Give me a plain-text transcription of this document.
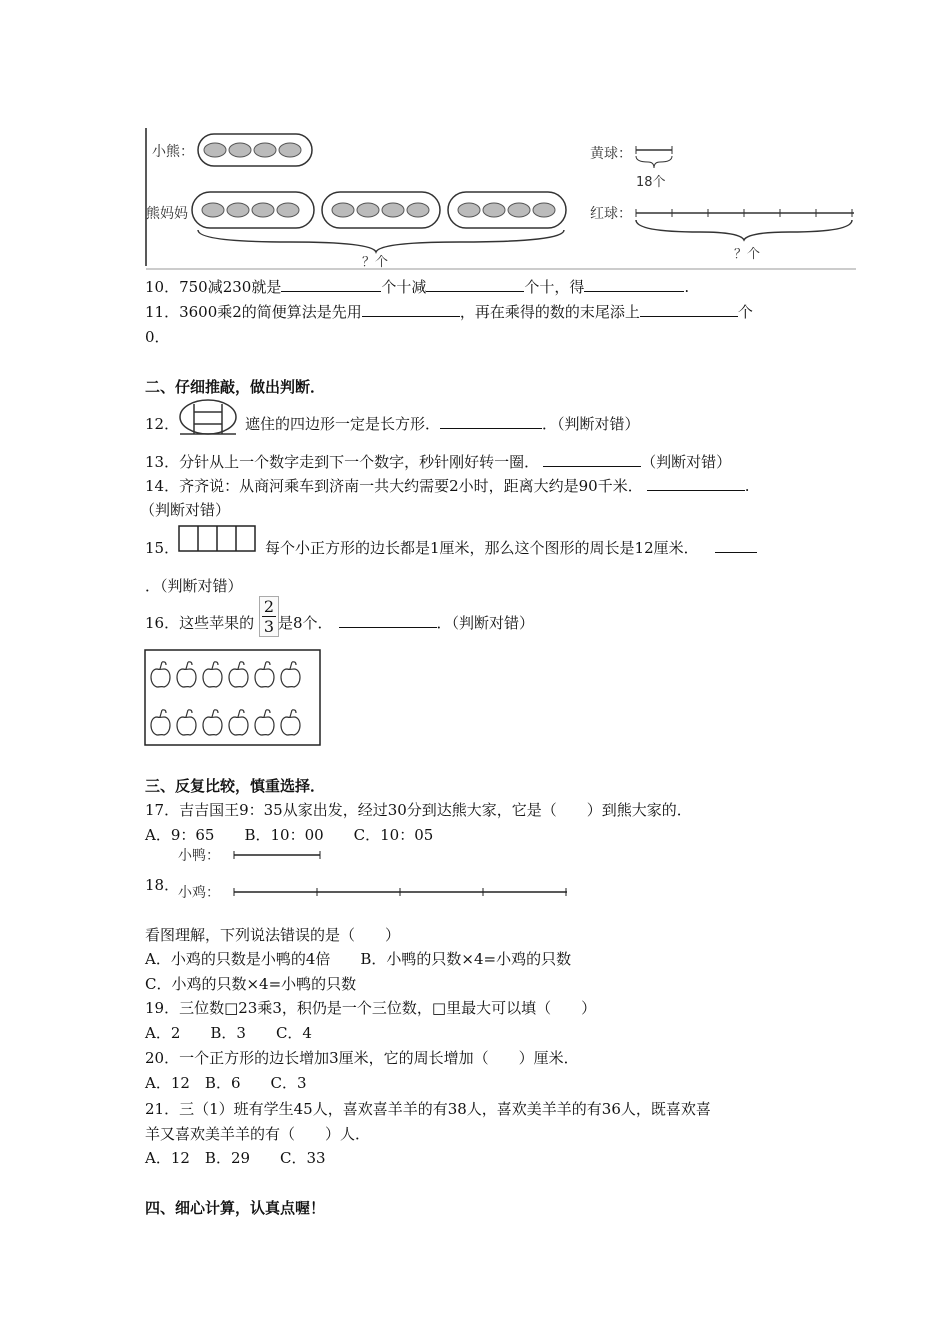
小熊：
熊妈妈
？个
黄球：
18个
红球：
？个
10．750减230就是	个十减	个十，得	.
11．3600乘2的简便算法是先用	，再在乘得的数的末尾添上	个
0．
二、仔细推敲，做出判断．
12．	遮住的四边形一定是长方形．	．（判断对错）
13．分针从上一个数字走到下一个数字，秒针刚好转一圈．	（判断对错）
14．齐齐说：从商河乘车到济南一共大约需要2小时，距离大约是90千米．	.
（判断对错）
15．	每个小正方形的边长都是1厘米，那么这个图形的周长是12厘米．
．（判断对错）
16．这些苹果的
2
3 是8个．	．（判断对错）
三、反复比较，慎重选择．
17．吉吉国王9：35从家出发，经过30分到达熊大家，它是（　　）到熊大家的．
A．9：65　　B．10：00　　C．10：05
18．
小鸭：
小鸡：
看图理解，下列说法错误的是（　　）
A．小鸡的只数是小鸭的4倍　　B．小鸭的只数×4=小鸡的只数
C．小鸡的只数×4=小鸭的只数
19．三位数□23乘3，积仍是一个三位数，□里最大可以填（　　）
A．2　　B．3　　C．4
20．一个正方形的边长增加3厘米，它的周长增加（　　）厘米．
A．12　B．6　　C．3
21．三（1）班有学生45人，喜欢喜羊羊的有38人，喜欢美羊羊的有36人，既喜欢喜
羊又喜欢美羊羊的有（　　）人．
A．12　B．29　　C．33
四、细心计算，认真点喔！
